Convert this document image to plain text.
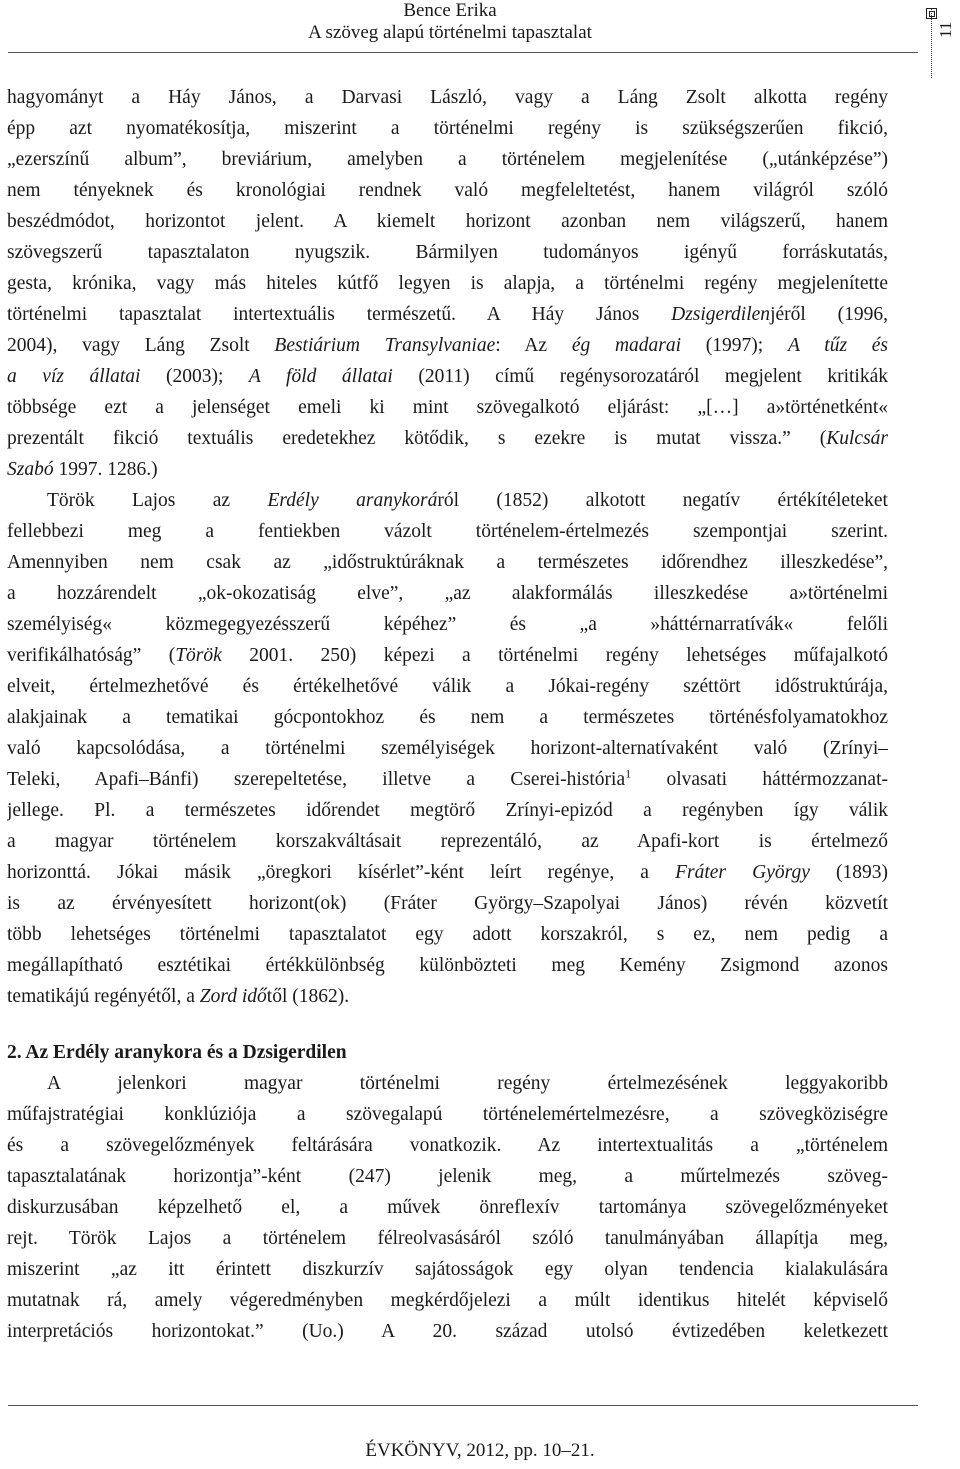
Bence Erika
A szöveg alapú történelmi tapasztalat	11
hagyományt a Háy János, a Darvasi László, vagy a Láng Zsolt alkotta regény
épp azt nyomatékosítja, miszerint a történelmi regény is szükségszerűen fikció,
„ezerszínű album”, breviárium, amelyben a történelem megjelenítése („utánképzése”)
nem tényeknek és kronológiai rendnek való megfeleltetést, hanem világról szóló
beszédmódot, horizontot jelent. A kiemelt horizont azonban nem világszerű, hanem
szövegszerű tapasztalaton nyugszik. Bármilyen tudományos igényű forráskutatás,
gesta, krónika, vagy más hiteles kútfő legyen is alapja, a történelmi regény megjelenítette
történelmi tapasztalat intertextuális természetű. A Háy János Dzsigerdilenjéről (1996,
2004), vagy Láng Zsolt Bestiárium Transylvaniae: Az ég madarai (1997); A tűz és
a víz állatai (2003); A föld állatai (2011) című regénysorozatáról megjelent kritikák
többsége ezt a jelenséget emeli ki mint szövegalkotó eljárást: „[…] a»történetként«
prezentált fikció textuális eredetekhez kötődik, s ezekre is mutat vissza.” (Kulcsár
Szabó 1997. 1286.)
Török Lajos az Erdély aranykoráról (1852) alkotott negatív értékítéleteket
fellebbezi meg a fentiekben vázolt történelem-értelmezés szempontjai szerint.
Amennyiben nem csak az „időstruktúráknak a természetes időrendhez illeszkedése”,
a hozzárendelt „ok-okozatiság elve”, „az alakformálás illeszkedése a»történelmi
személyiség« közmegegyezésszerű képéhez” és „a »háttérnarratívák« felőli
verifikálhatóság” (Török 2001. 250) képezi a történelmi regény lehetséges műfajalkotó
elveit, értelmezhetővé és értékelhetővé válik a Jókai-regény széttört időstruktúrája,
alakjainak a tematikai gócpontokhoz és nem a természetes történésfolyamatokhoz
való kapcsolódása, a történelmi személyiségek horizont-alternatívaként való (Zrínyi–
Teleki, Apafi–Bánfi) szerepeltetése, illetve a Cserei-história$^1$ olvasati háttérmozzanat-
jellege. Pl. a természetes időrendet megtörő Zrínyi-epizód a regényben így válik
a magyar történelem korszakváltásait reprezentáló, az Apafi-kort is értelmező
horizonttá. Jókai másik „öregkori kísérlet”-ként leírt regénye, a Fráter György (1893)
is az érvényesített horizont(ok) (Fráter György–Szapolyai János) révén közvetít
több lehetséges történelmi tapasztalatot egy adott korszakról, s ez, nem pedig a
megállapítható esztétikai értékkülönbség különbözteti meg Kemény Zsigmond azonos
tematikájú regényétől, a Zord időtől (1862).
2. Az Erdély aranykora és a Dzsigerdilen
A jelenkori magyar történelmi regény értelmezésének leggyakoribb
műfajstratégiai konklúziója a szövegalapú történelemértelmezésre, a szövegköziségre
és a szövegelőzmények feltárására vonatkozik. Az intertextualitás a „történelem
tapasztalatának horizontja”-ként (247) jelenik meg, a műrtelmezés szöveg-
diskurzusában képzelhető el, a művek önreflexív tartománya szövegelőzményeket
rejt. Török Lajos a történelem félreolvasásáról szóló tanulmányában állapítja meg,
miszerint „az itt érintett diszkurzív sajátosságok egy olyan tendencia kialakulására
mutatnak rá, amely végeredményben megkérdőjelezi a múlt identikus hitelét képviselő
interpretációs horizontokat.” (Uo.) A 20. század utolsó évtizedében keletkezett
ÉVKÖNYV, 2012, pp. 10–21.
